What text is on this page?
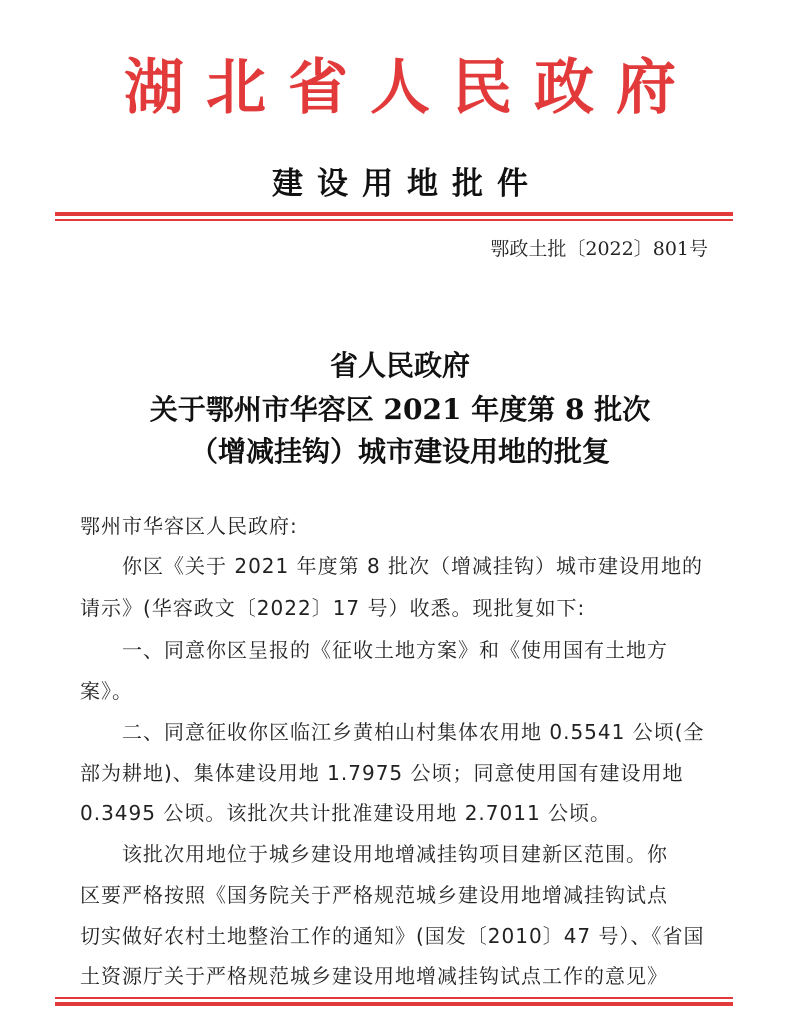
湖北省人民政府
建设用地批件
鄂政土批〔2022〕801号
省人民政府
关于鄂州市华容区 2021 年度第 8 批次
（增减挂钩）城市建设用地的批复
鄂州市华容区人民政府:
你区《关于 2021 年度第 8 批次（增减挂钩）城市建设用地的
请示》(华容政文〔2022〕17 号）收悉。现批复如下:
一、同意你区呈报的《征收土地方案》和《使用国有土地方
案》。
二、同意征收你区临江乡黄柏山村集体农用地 0.5541 公顷(全
部为耕地)、集体建设用地 1.7975 公顷；同意使用国有建设用地
0.3495 公顷。该批次共计批准建设用地 2.7011 公顷。
该批次用地位于城乡建设用地增减挂钩项目建新区范围。你
区要严格按照《国务院关于严格规范城乡建设用地增减挂钩试点
切实做好农村土地整治工作的通知》(国发〔2010〕47 号）、《省国
土资源厅关于严格规范城乡建设用地增减挂钩试点工作的意见》
